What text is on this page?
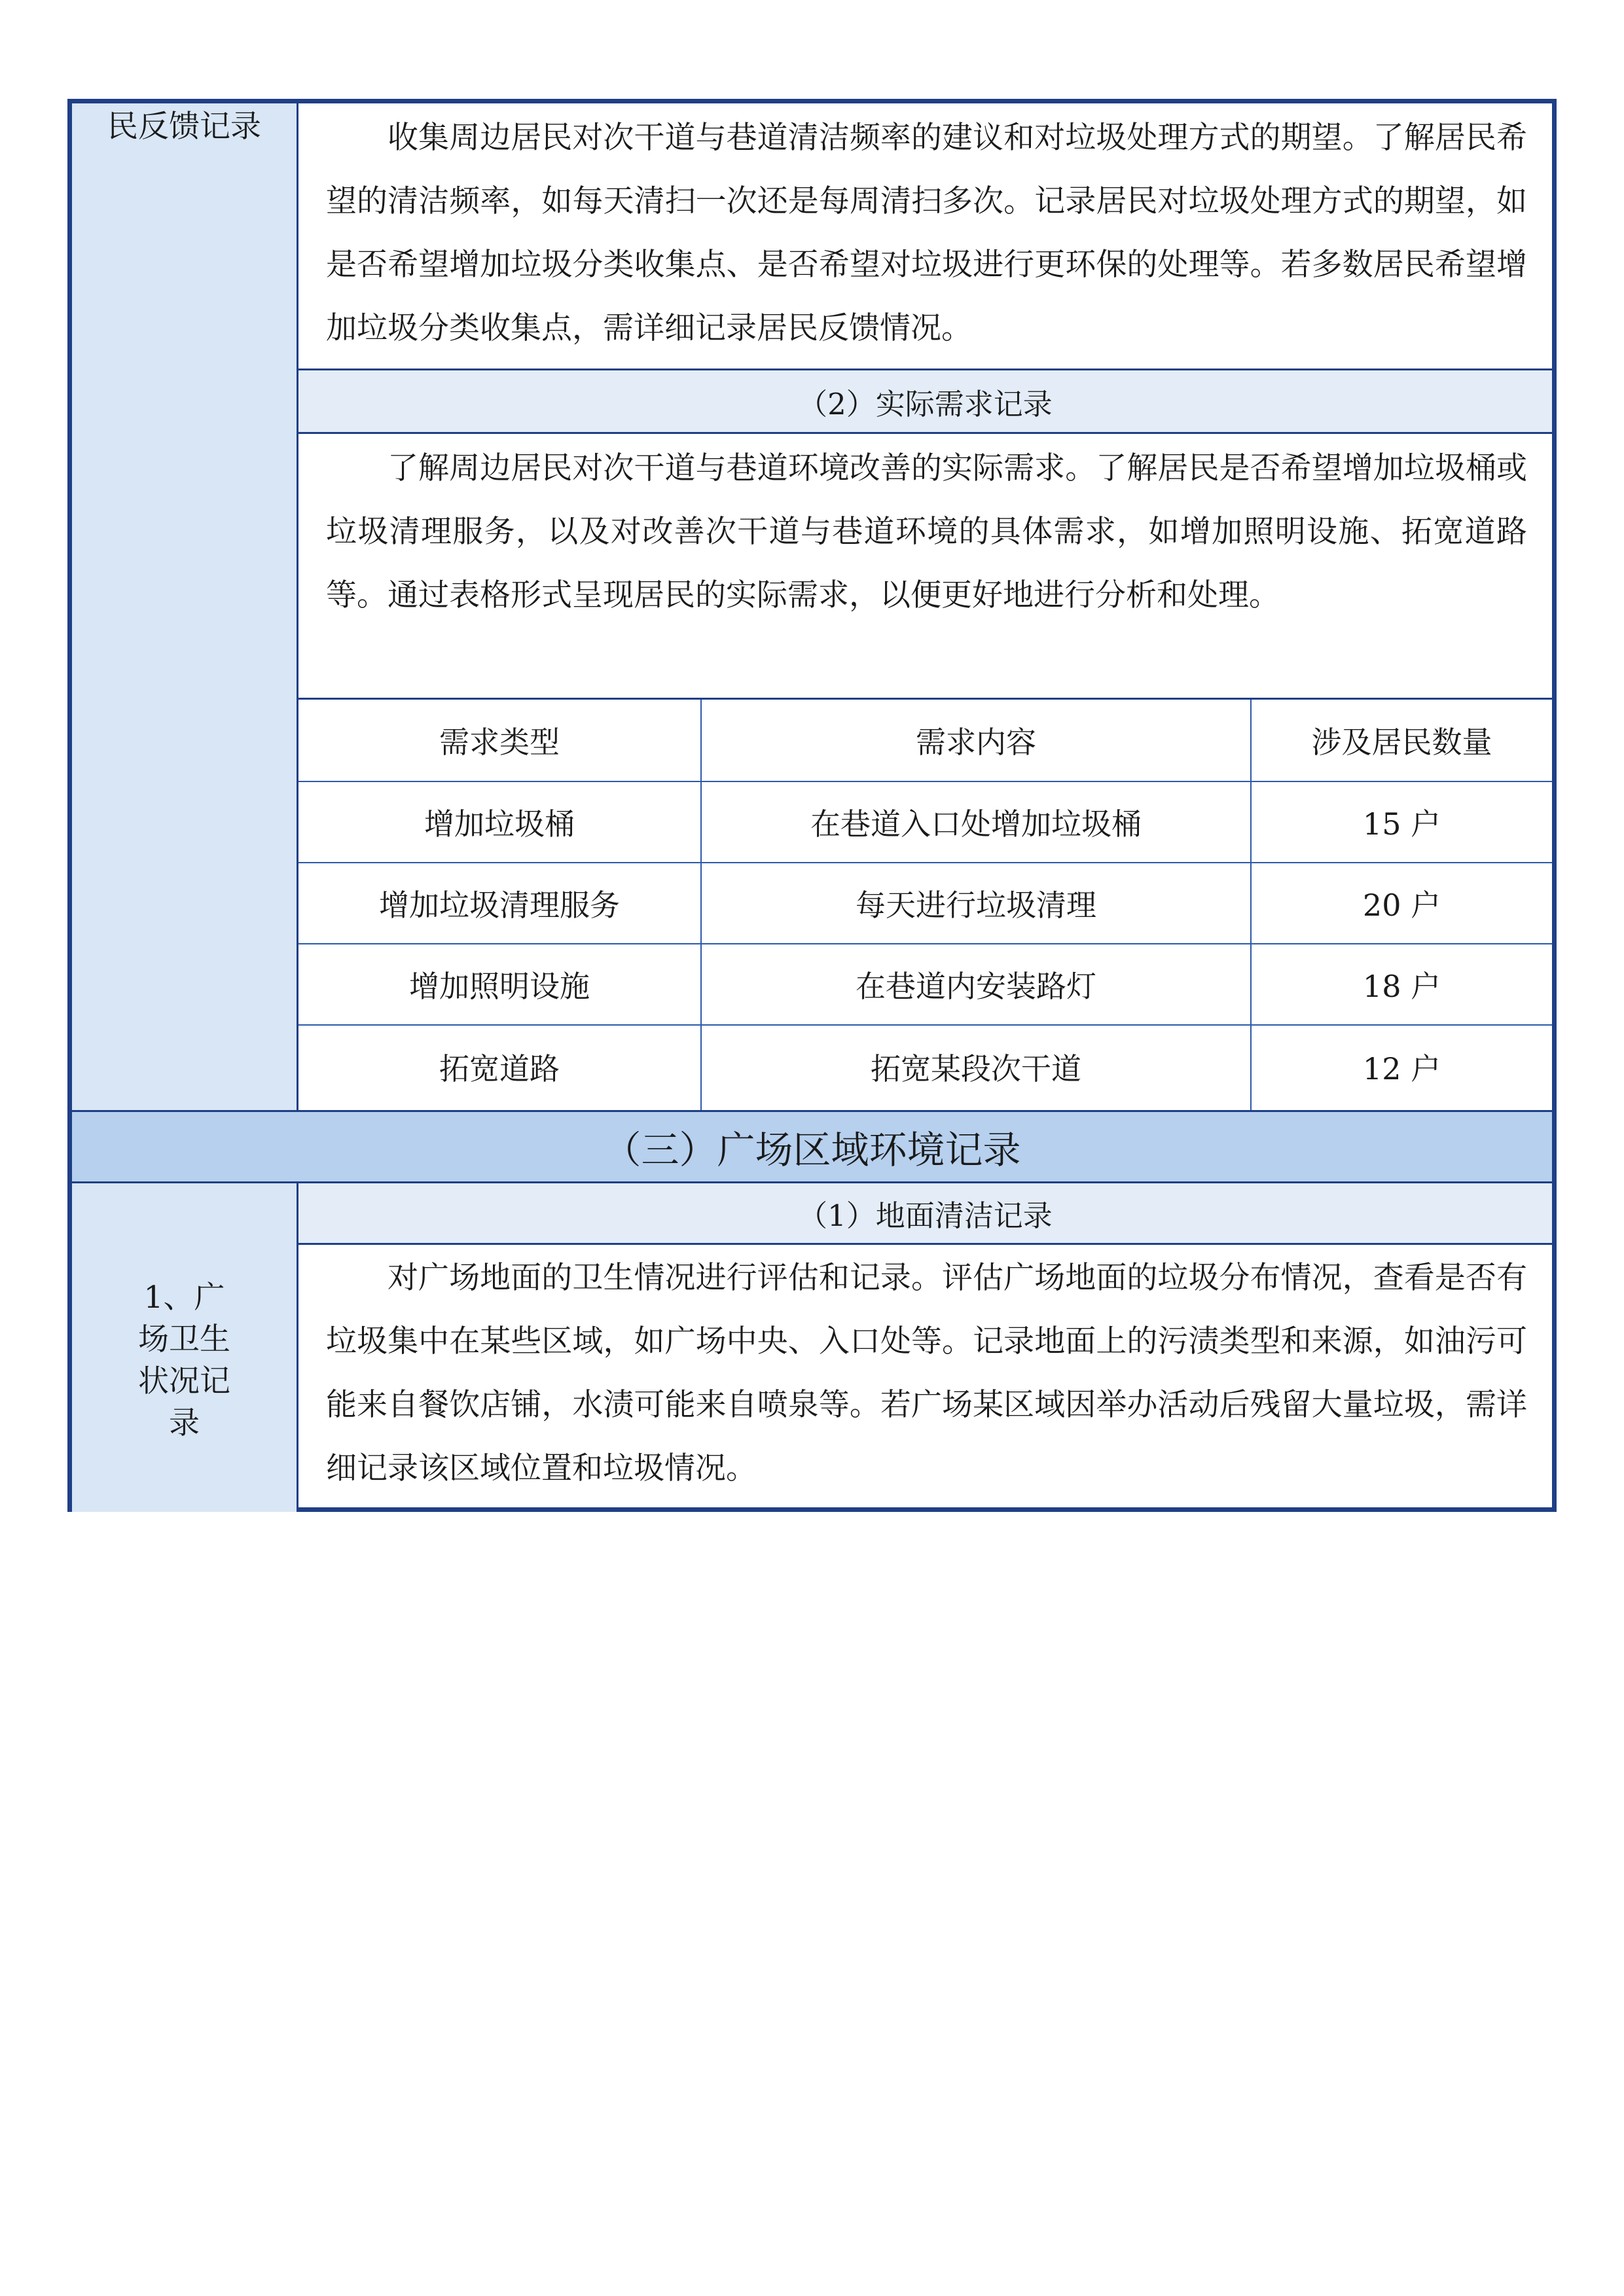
民反馈记录
1、广场卫生状况记录

收集周边居民对次干道与巷道清洁频率的建议和对垃圾处理方式的期望。了解居民希望的清洁频率，如每天清扫一次还是每周清扫多次。记录居民对垃圾处理方式的期望，如是否希望增加垃圾分类收集点、是否希望对垃圾进行更环保的处理等。若多数居民希望增加垃圾分类收集点，需详细记录居民反馈情况。

（2）实际需求记录

了解周边居民对次干道与巷道环境改善的实际需求。了解居民是否希望增加垃圾桶或垃圾清理服务，以及对改善次干道与巷道环境的具体需求，如增加照明设施、拓宽道路等。通过表格形式呈现居民的实际需求，以便更好地进行分析和处理。

需求类型	需求内容	涉及居民数量
增加垃圾桶	在巷道入口处增加垃圾桶	15 户
增加垃圾清理服务	每天进行垃圾清理	20 户
增加照明设施	在巷道内安装路灯	18 户
拓宽道路	拓宽某段次干道	12 户
（三）广场区域环境记录
（1）地面清洁记录

对广场地面的卫生情况进行评估和记录。评估广场地面的垃圾分布情况，查看是否有垃圾集中在某些区域，如广场中央、入口处等。记录地面上的污渍类型和来源，如油污可能来自餐饮店铺，水渍可能来自喷泉等。若广场某区域因举办活动后残留大量垃圾，需详细记录该区域位置和垃圾情况。
